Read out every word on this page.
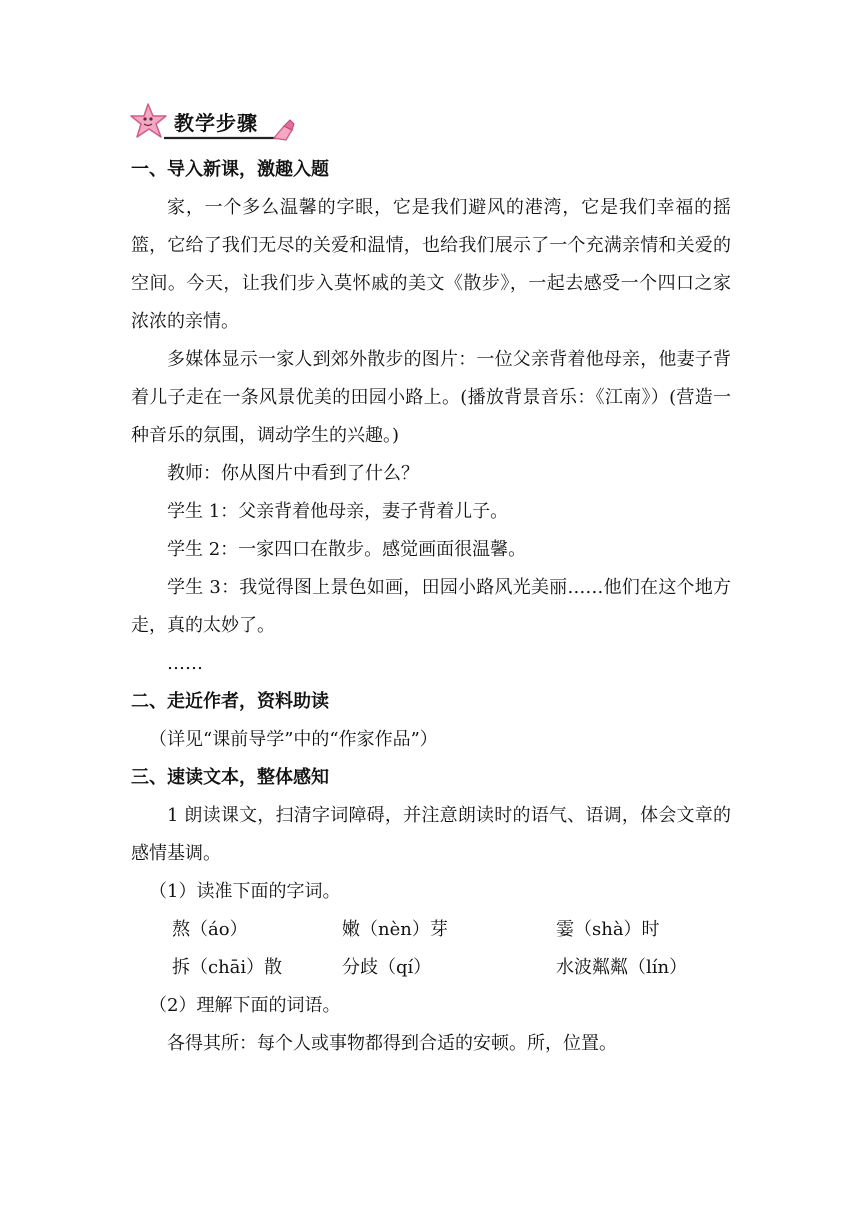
教学步骤
一、导入新课，激趣入题
家，一个多么温馨的字眼，它是我们避风的港湾，它是我们幸福的摇篮，它给了我们无尽的关爱和温情，也给我们展示了一个充满亲情和关爱的空间。今天，让我们步入莫怀戚的美文《散步》，一起去感受一个四口之家浓浓的亲情。
多媒体显示一家人到郊外散步的图片：一位父亲背着他母亲，他妻子背着儿子走在一条风景优美的田园小路上。(播放背景音乐：《江南》）(营造一种音乐的氛围，调动学生的兴趣。)
教师：你从图片中看到了什么？
学生 1：父亲背着他母亲，妻子背着儿子。
学生 2：一家四口在散步。感觉画面很温馨。
学生 3：我觉得图上景色如画，田园小路风光美丽……他们在这个地方走，真的太妙了。
……
二、走近作者，资料助读
（详见“课前导学”中的“作家作品”）
三、速读文本，整体感知
1 朗读课文，扫清字词障碍，并注意朗读时的语气、语调，体会文章的感情基调。
（1）读准下面的字词。
熬（áo）	嫩（nèn）芽	霎（shà）时
拆（chāi）散	分歧（qí）	水波粼粼（lín）
（2）理解下面的词语。
各得其所：每个人或事物都得到合适的安顿。所，位置。
